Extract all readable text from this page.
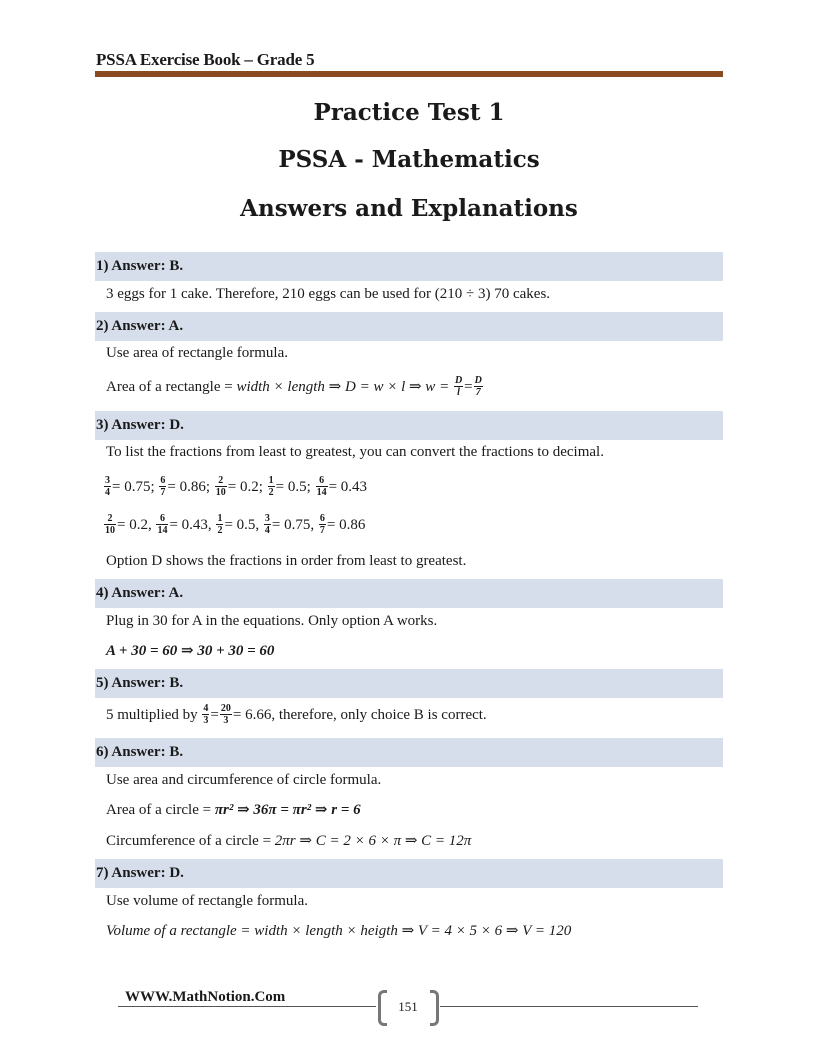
PSSA Exercise Book – Grade 5
Practice Test 1
PSSA - Mathematics
Answers and Explanations
1) Answer: B.
3 eggs for 1 cake. Therefore, 210 eggs can be used for (210 ÷ 3) 70 cakes.
2) Answer: A.
Use area of rectangle formula.
Area of a rectangle = width × length ⇒ D = w × l ⇒ $w = \frac{D}{l} = \frac{D}{7}$
3) Answer: D.
To list the fractions from least to greatest, you can convert the fractions to decimal.
$\frac{3}{4} = 0.75$; $\frac{6}{7} = 0.86$; $\frac{2}{10} = 0.2$; $\frac{1}{2} = 0.5$; $\frac{6}{14} = 0.43$
$\frac{2}{10} = 0.2$, $\frac{6}{14} = 0.43$, $\frac{1}{2} = 0.5$, $\frac{3}{4} = 0.75$, $\frac{6}{7} = 0.86$
Option D shows the fractions in order from least to greatest.
4) Answer: A.
Plug in 30 for A in the equations. Only option A works.
A + 30 = 60 ⇒ 30 + 30 = 60
5) Answer: B.
5 multiplied by $\frac{4}{3} = \frac{20}{3} = 6.66$, therefore, only choice B is correct.
6) Answer: B.
Use area and circumference of circle formula.
Area of a circle = πr² ⇒ 36π = πr² ⇒ r = 6
Circumference of a circle = 2πr ⇒ C = 2 × 6 × π ⇒ C = 12π
7) Answer: D.
Use volume of rectangle formula.
Volume of a rectangle = width × length × heigth ⇒ V = 4 × 5 × 6 ⇒ V = 120
WWW.MathNotion.Com
151
